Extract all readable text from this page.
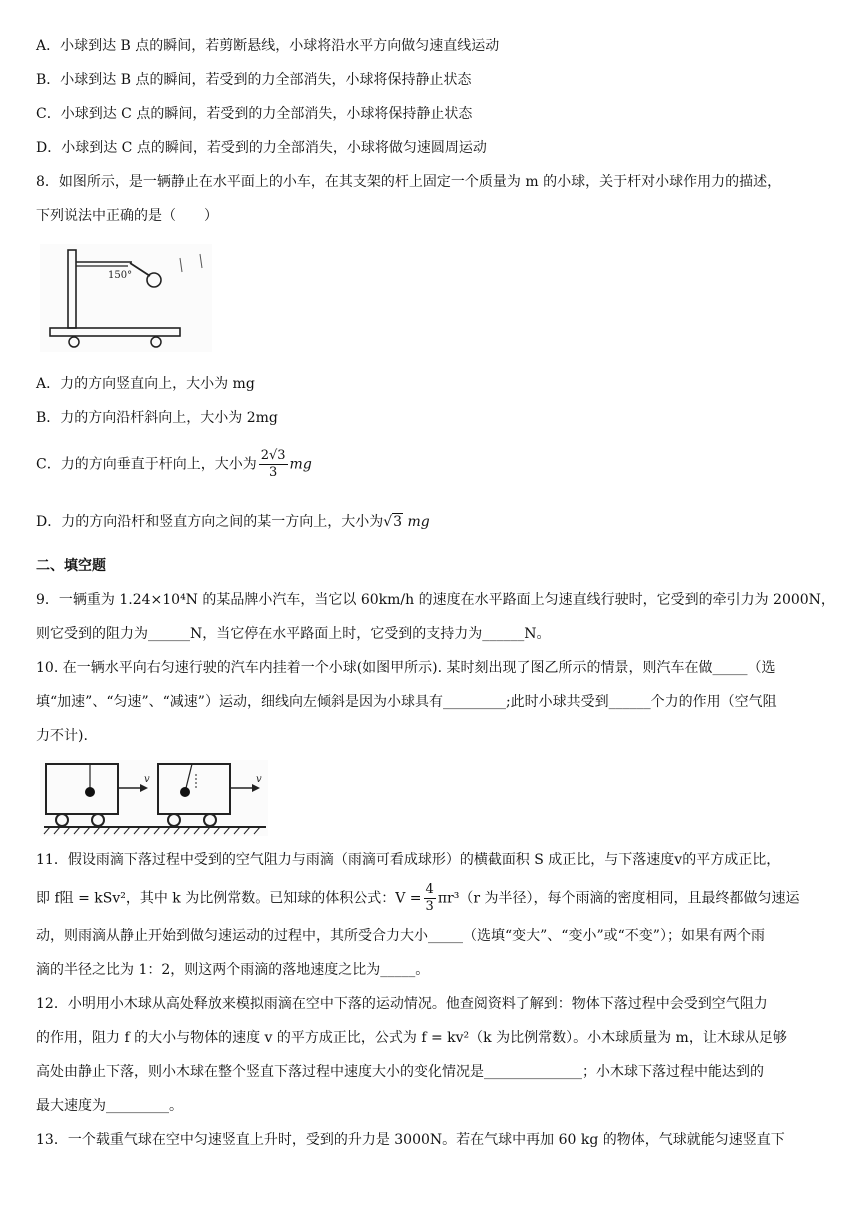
A．小球到达 B 点的瞬间，若剪断悬线，小球将沿水平方向做匀速直线运动
B．小球到达 B 点的瞬间，若受到的力全部消失，小球将保持静止状态
C．小球到达 C 点的瞬间，若受到的力全部消失，小球将保持静止状态
D．小球到达 C 点的瞬间，若受到的力全部消失，小球将做匀速圆周运动
8．如图所示，是一辆静止在水平面上的小车，在其支架的杆上固定一个质量为 m 的小球，关于杆对小球作用力的描述，
下列说法中正确的是（　　）
150°
A．力的方向竖直向上，大小为 mg
B．力的方向沿杆斜向上，大小为 2mg
C．力的方向垂直于杆向上，大小为 $\frac{2√3}{3}$ mg
D．力的方向沿杆和竖直方向之间的某一方向上，大小为√3 mg
二、填空题
9．一辆重为 1.24×10⁴N 的某品牌小汽车，当它以 60km/h 的速度在水平路面上匀速直线行驶时，它受到的牵引力为 2000N，
则它受到的阻力为______N，当它停在水平路面上时，它受到的支持力为______N。
10. 在一辆水平向右匀速行驶的汽车内挂着一个小球(如图甲所示). 某时刻出现了图乙所示的情景，则汽车在做_____（选
填“加速”、“匀速”、“减速”）运动，细线向左倾斜是因为小球具有_________;此时小球共受到______个力的作用（空气阻
力不计).
v	v
11．假设雨滴下落过程中受到的空气阻力与雨滴（雨滴可看成球形）的横截面积 S 成正比，与下落速度v的平方成正比，
即 f阻 = kSv²，其中 k 为比例常数。已知球的体积公式：$V = \frac{4}{3} \pi r^3(r$ 为半径），每个雨滴的密度相同，且最终都做匀速运
动，则雨滴从静止开始到做匀速运动的过程中，其所受合力大小_____（选填“变大”、“变小”或“不变”）；如果有两个雨
滴的半径之比为 1：2，则这两个雨滴的落地速度之比为_____。
12．小明用小木球从高处释放来模拟雨滴在空中下落的运动情况。他查阅资料了解到：物体下落过程中会受到空气阻力
的作用，阻力 f 的大小与物体的速度 v 的平方成正比，公式为 f = kv²（k 为比例常数）。小木球质量为 m，让木球从足够
高处由静止下落，则小木球在整个竖直下落过程中速度大小的变化情况是______________；小木球下落过程中能达到的
最大速度为_________。
13．一个载重气球在空中匀速竖直上升时，受到的升力是 3000N。若在气球中再加 60 kg 的物体，气球就能匀速竖直下
